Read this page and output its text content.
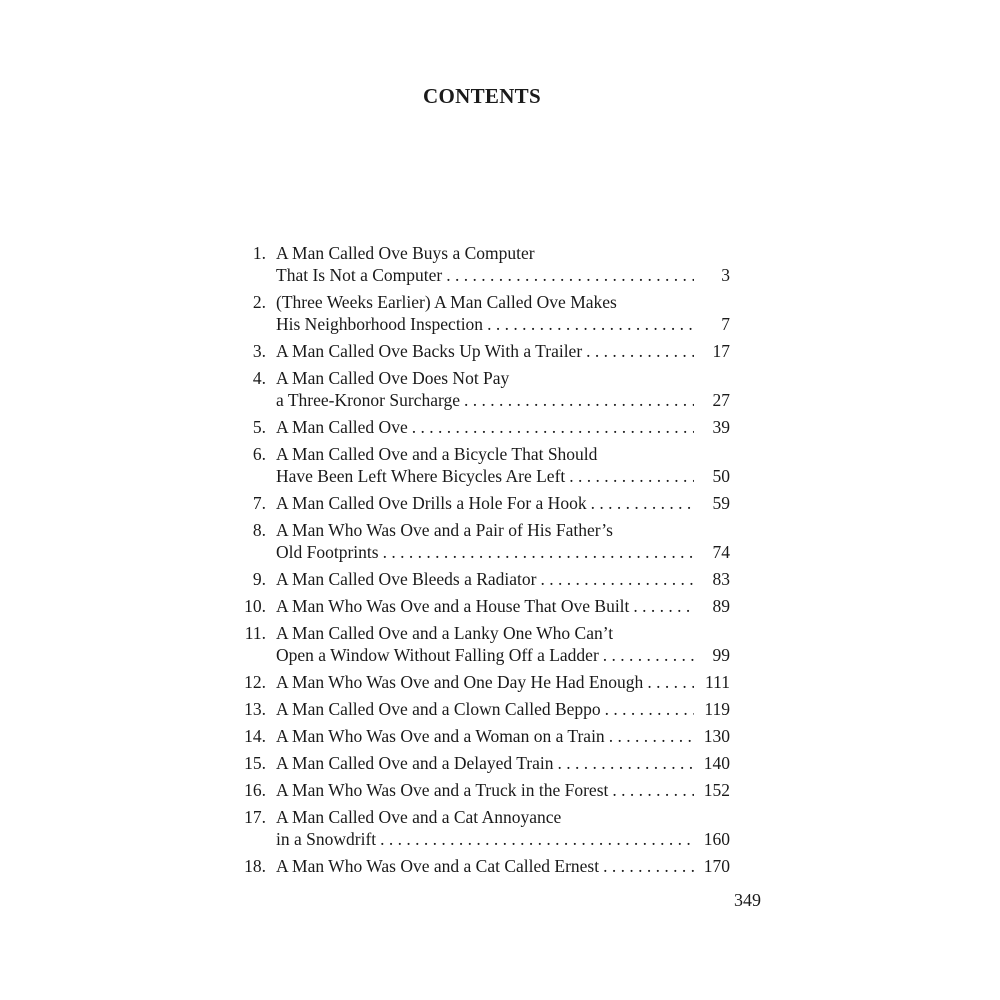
CONTENTS
1. A Man Called Ove Buys a Computer
That Is Not a Computer . . .	3
2. (Three Weeks Earlier) A Man Called Ove Makes
His Neighborhood Inspection . . .	7
3. A Man Called Ove Backs Up With a Trailer . . .	17
4. A Man Called Ove Does Not Pay
a Three-Kronor Surcharge . . .	27
5. A Man Called Ove . . .	39
6. A Man Called Ove and a Bicycle That Should
Have Been Left Where Bicycles Are Left . . .	50
7. A Man Called Ove Drills a Hole For a Hook . . .	59
8. A Man Who Was Ove and a Pair of His Father’s
Old Footprints . . .	74
9. A Man Called Ove Bleeds a Radiator . . .	83
10. A Man Who Was Ove and a House That Ove Built . . .	89
11. A Man Called Ove and a Lanky One Who Can’t
Open a Window Without Falling Off a Ladder . . .	99
12. A Man Who Was Ove and One Day He Had Enough . . .	111
13. A Man Called Ove and a Clown Called Beppo . . .	119
14. A Man Who Was Ove and a Woman on a Train . . .	130
15. A Man Called Ove and a Delayed Train . . .	140
16. A Man Who Was Ove and a Truck in the Forest . . .	152
17. A Man Called Ove and a Cat Annoyance
in a Snowdrift . . .	160
18. A Man Who Was Ove and a Cat Called Ernest . . .	170
349
